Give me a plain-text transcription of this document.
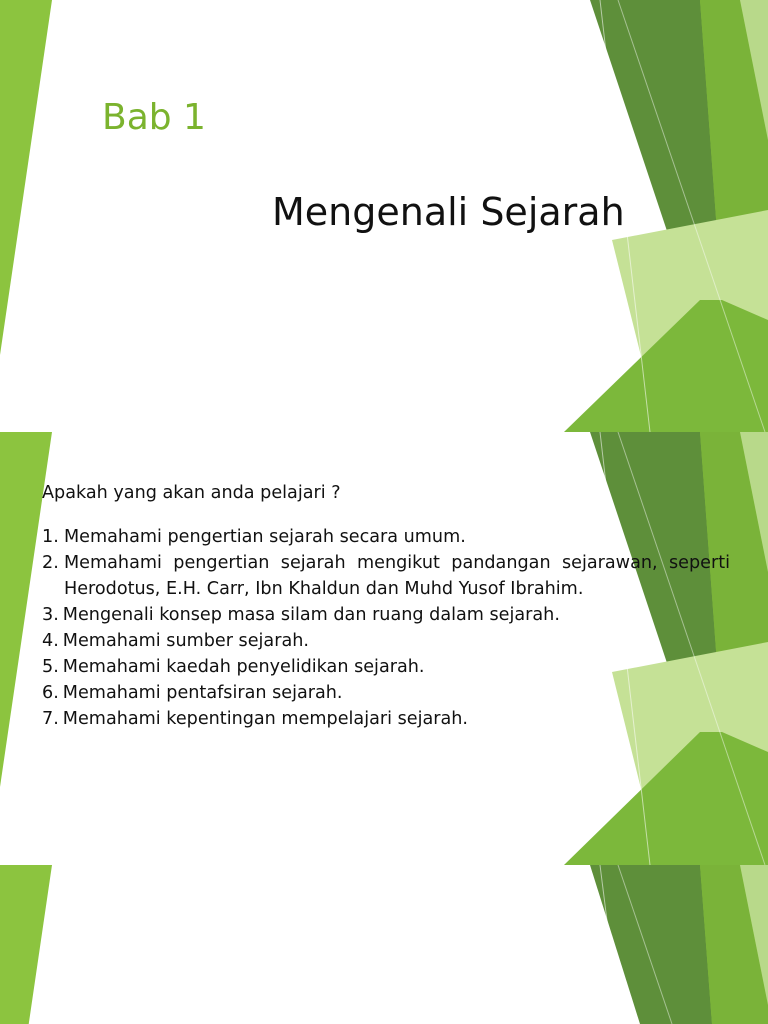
Bab 1
Mengenali Sejarah

Apakah yang akan anda pelajari ?

1. Memahami pengertian sejarah secara umum.
2. Memahami pengertian sejarah mengikut pandangan sejarawan, seperti Herodotus, E.H. Carr, Ibn Khaldun dan Muhd Yusof Ibrahim.
3. Mengenali konsep masa silam dan ruang dalam sejarah.
4. Memahami sumber sejarah.
5. Memahami kaedah penyelidikan sejarah.
6. Memahami pentafsiran sejarah.
7. Memahami kepentingan mempelajari sejarah.
